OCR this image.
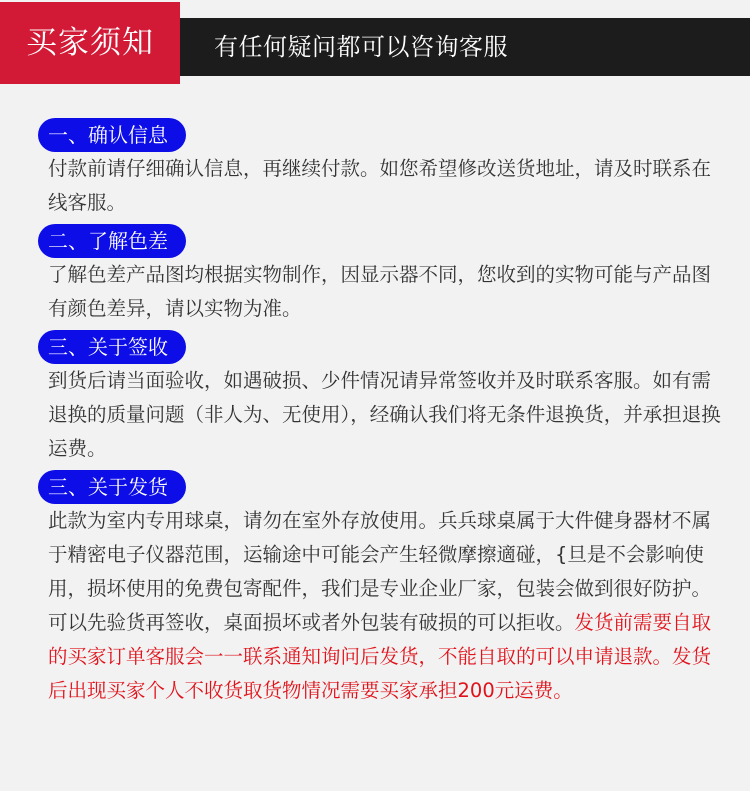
买家须知	有任何疑问都可以咨询客服
一、确认信息
付款前请仔细确认信息，再继续付款。如您希望修改送货地址，请及时联系在线客服。
二、了解色差
了解色差产品图均根据实物制作，因显示器不同，您收到的实物可能与产品图有颜色差异，请以实物为准。
三、关于签收
到货后请当面验收，如遇破损、少件情况请异常签收并及时联系客服。如有需退换的质量问题（非人为、无使用），经确认我们将无条件退换货，并承担退换运费。
三、关于发货
此款为室内专用球桌，请勿在室外存放使用。兵兵球桌属于大件健身器材不属于精密电子仪器范围，运输途中可能会产生轻微摩擦適碰，{旦是不会影响使用，损坏使用的免费包寄配件，我们是专业企业厂家，包装会做到很好防护。可以先验货再签收，桌面损坏或者外包装有破损的可以拒收。发货前需要自取的买家订单客服会一一联系通知询问后发货，不能自取的可以申请退款。发货后出现买家个人不收货取货物情况需要买家承担200元运费。
